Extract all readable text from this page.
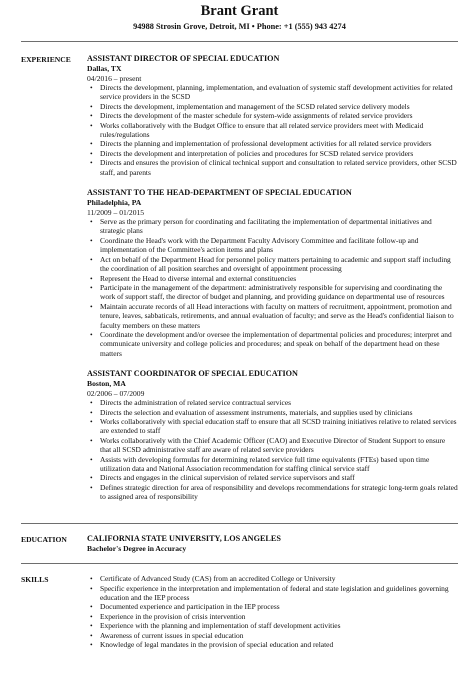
Brant Grant
94988 Strosin Grove, Detroit, MI • Phone: +1 (555) 943 4274
EXPERIENCE	ASSISTANT DIRECTOR OF SPECIAL EDUCATION
Dallas, TX
04/2016 – present
• Directs the development, planning, implementation, and evaluation of systemic staff development activities for related service providers in the SCSD
• Directs the development, implementation and management of the SCSD related service delivery models
• Directs the development of the master schedule for system-wide assignments of related service providers
• Works collaboratively with the Budget Office to ensure that all related service providers meet with Medicaid rules/regulations
• Directs the planning and implementation of professional development activities for all related service providers
• Directs the development and interpretation of policies and procedures for SCSD related service providers
• Directs and ensures the provision of clinical technical support and consultation to related service providers, other SCSD staff, and parents
ASSISTANT TO THE HEAD-DEPARTMENT OF SPECIAL EDUCATION
Philadelphia, PA
11/2009 – 01/2015
• Serve as the primary person for coordinating and facilitating the implementation of departmental initiatives and strategic plans
• Coordinate the Head's work with the Department Faculty Advisory Committee and facilitate follow-up and implementation of the Committee's action items and plans
• Act on behalf of the Department Head for personnel policy matters pertaining to academic and support staff including the coordination of all position searches and oversight of appointment processing
• Represent the Head to diverse internal and external constituencies
• Participate in the management of the department: administratively responsible for supervising and coordinating the work of support staff, the director of budget and planning, and providing guidance on departmental use of resources
• Maintain accurate records of all Head interactions with faculty on matters of recruitment, appointment, promotion and tenure, leaves, sabbaticals, retirements, and annual evaluation of faculty; and serve as the Head's confidential liaison to faculty members on these matters
• Coordinate the development and/or oversee the implementation of departmental policies and procedures; interpret and communicate university and college policies and procedures; and speak on behalf of the department head on these matters
ASSISTANT COORDINATOR OF SPECIAL EDUCATION
Boston, MA
02/2006 – 07/2009
• Directs the administration of related service contractual services
• Directs the selection and evaluation of assessment instruments, materials, and supplies used by clinicians
• Works collaboratively with special education staff to ensure that all SCSD training initiatives relative to related services are extended to staff
• Works collaboratively with the Chief Academic Officer (CAO) and Executive Director of Student Support to ensure that all SCSD administrative staff are aware of related service providers
• Assists with developing formulas for determining related service full time equivalents (FTEs) based upon time utilization data and National Association recommendation for staffing clinical service staff
• Directs and engages in the clinical supervision of related service supervisors and staff
• Defines strategic direction for area of responsibility and develops recommendations for strategic long-term goals related to assigned area of responsibility
EDUCATION	CALIFORNIA STATE UNIVERSITY, LOS ANGELES
Bachelor's Degree in Accuracy
SKILLS
•	Certificate of Advanced Study (CAS) from an accredited College or University
• Specific experience in the interpretation and implementation of federal and state legislation and guidelines governing education and the IEP process
• Documented experience and participation in the IEP process
• Experience in the provision of crisis intervention
• Experience with the planning and implementation of staff development activities
• Awareness of current issues in special education
• Knowledge of legal mandates in the provision of special education and related
